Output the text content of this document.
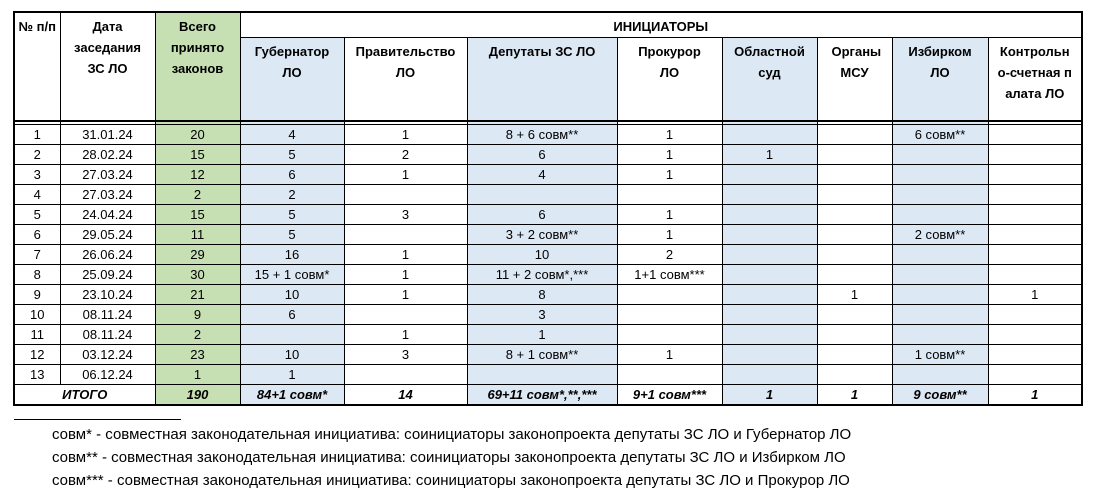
№ п/п	Дата заседания ЗС ЛО	Всего принято законов	ИНИЦИАТОРЫ							
			Губернатор ЛО	Правительство ЛО	Депутаты ЗС ЛО	Прокурор ЛО	Областной суд	Органы МСУ	Избирком ЛО	Контрольн о-счетная палата ЛО

1	31.01.24	20	4	1	8 + 6 совм**	1			6 совм**	
2	28.02.24	15	5	2	6	1	1			
3	27.03.24	12	6	1	4	1				
4	27.03.24	2	2							
5	24.04.24	15	5	3	6	1				
6	29.05.24	11	5		3 + 2 совм**	1			2 совм**	
7	26.06.24	29	16	1	10	2				
8	25.09.24	30	15 + 1 совм*	1	11 + 2 совм*,***	1+1 совм***				
9	23.10.24	21	10	1	8			1		1
10	08.11.24	9	6		3					
11	08.11.24	2		1	1					
12	03.12.24	23	10	3	8 + 1 совм**	1			1 совм**	
13	06.12.24	1	1							
ИТОГО		190	84+1 совм*	14	69+11 совм*,**,***	9+1 совм***	1	1	9 совм**	1
совм* - совместная законодательная инициатива: соинициаторы законопроекта депутаты ЗС ЛО и Губернатор ЛО
совм** - совместная законодательная инициатива: соинициаторы законопроекта депутаты ЗС ЛО и Избирком ЛО
совм*** - совместная законодательная инициатива: соинициаторы законопроекта депутаты ЗС ЛО и Прокурор ЛО
